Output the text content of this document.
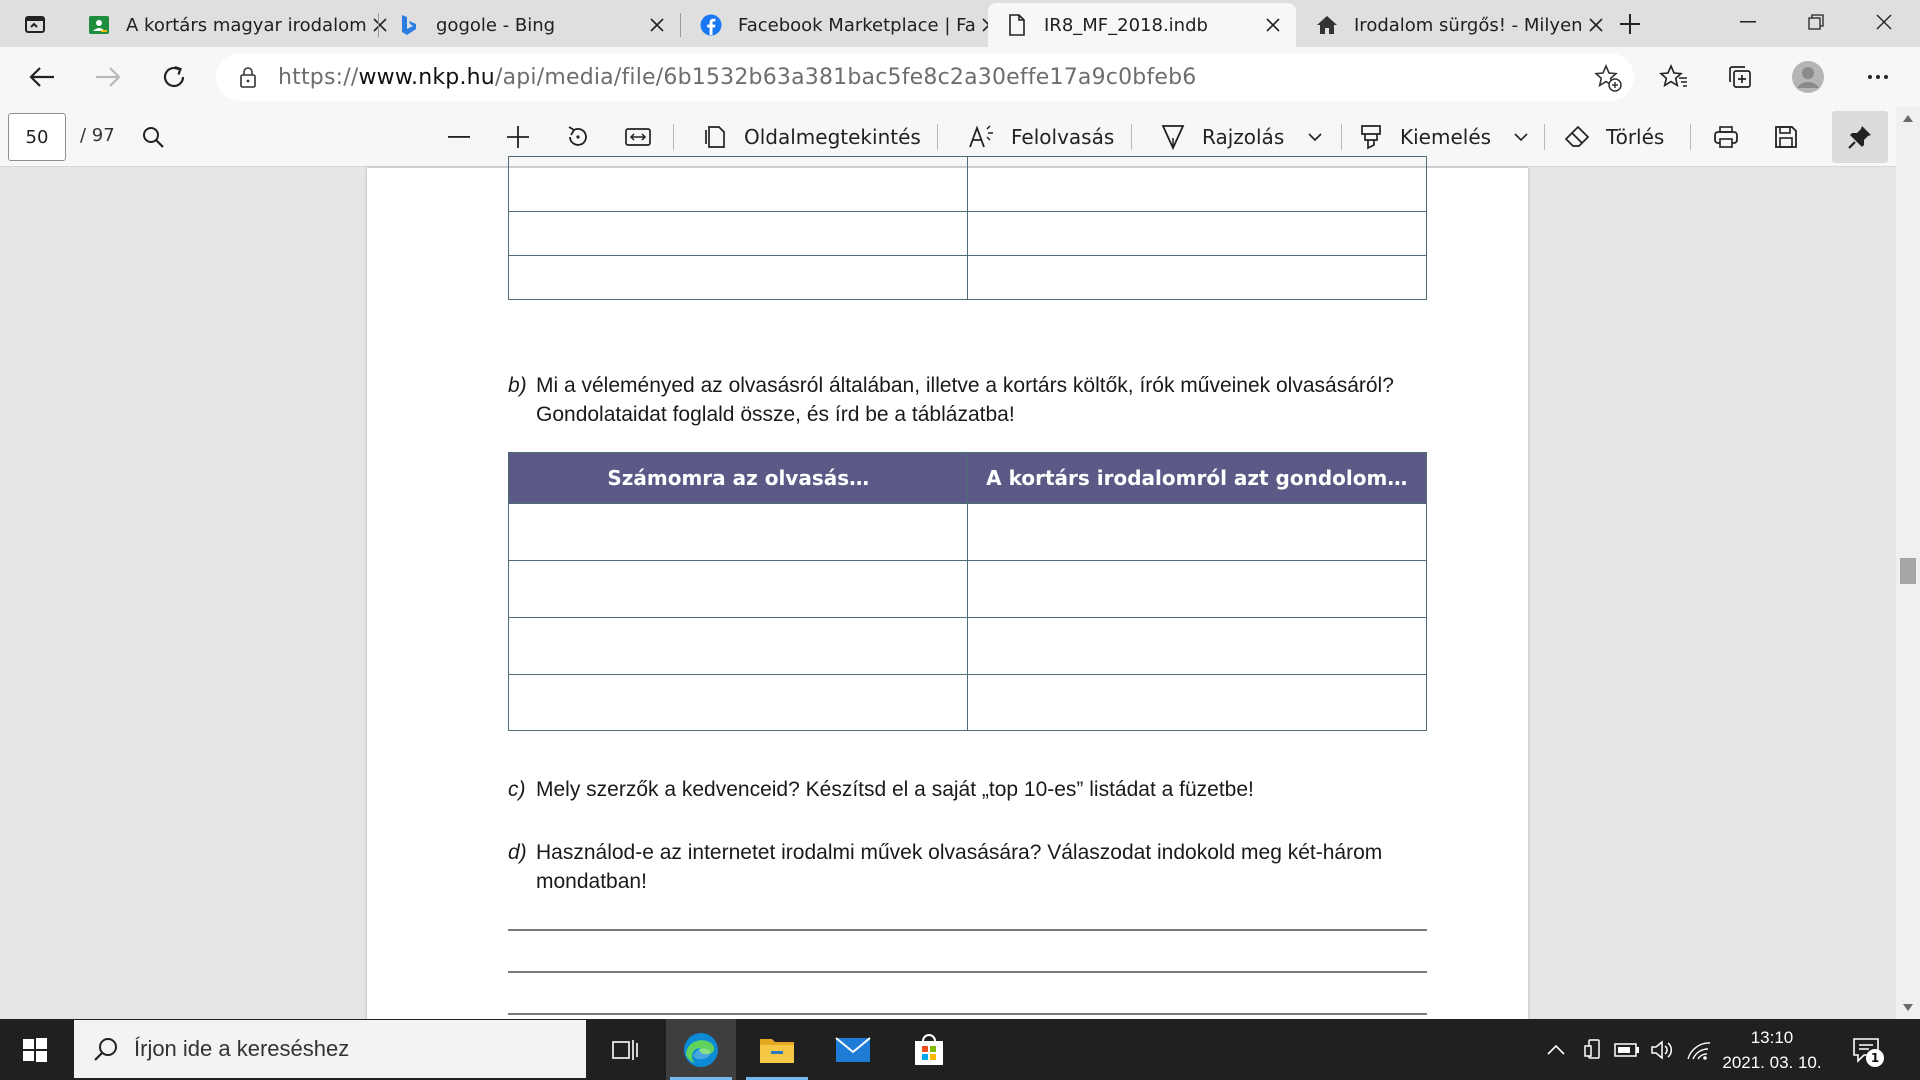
A kortárs magyar irodalom	gogole - Bing	Facebook Marketplace | Fa	IR8_MF_2018.indb	Irodalom sürgős! - Milyen
https://www.nkp.hu/api/media/file/6b1532b63a381bac5fe8c2a30effe17a9c0bfeb6
50
/ 97	Oldalmegtekintés	Felolvasás	Rajzolás	Kiemelés	Törlés
b) Mi a véleményed az olvasásról általában, illetve a kortárs költők, írók műveinek olvasásáról?
Gondolataidat foglald össze, és írd be a táblázatba!
Számomra az olvasás…	A kortárs irodalomról azt gondolom…
c) Mely szerzők a kedvenceid? Készítsd el a saját „top 10-es” listádat a füzetbe!
d) Használod-e az internetet irodalmi művek olvasására? Válaszodat indokold meg két-három
mondatban!
Írjon ide a kereséshez	13:10
2021. 03. 10.	1
